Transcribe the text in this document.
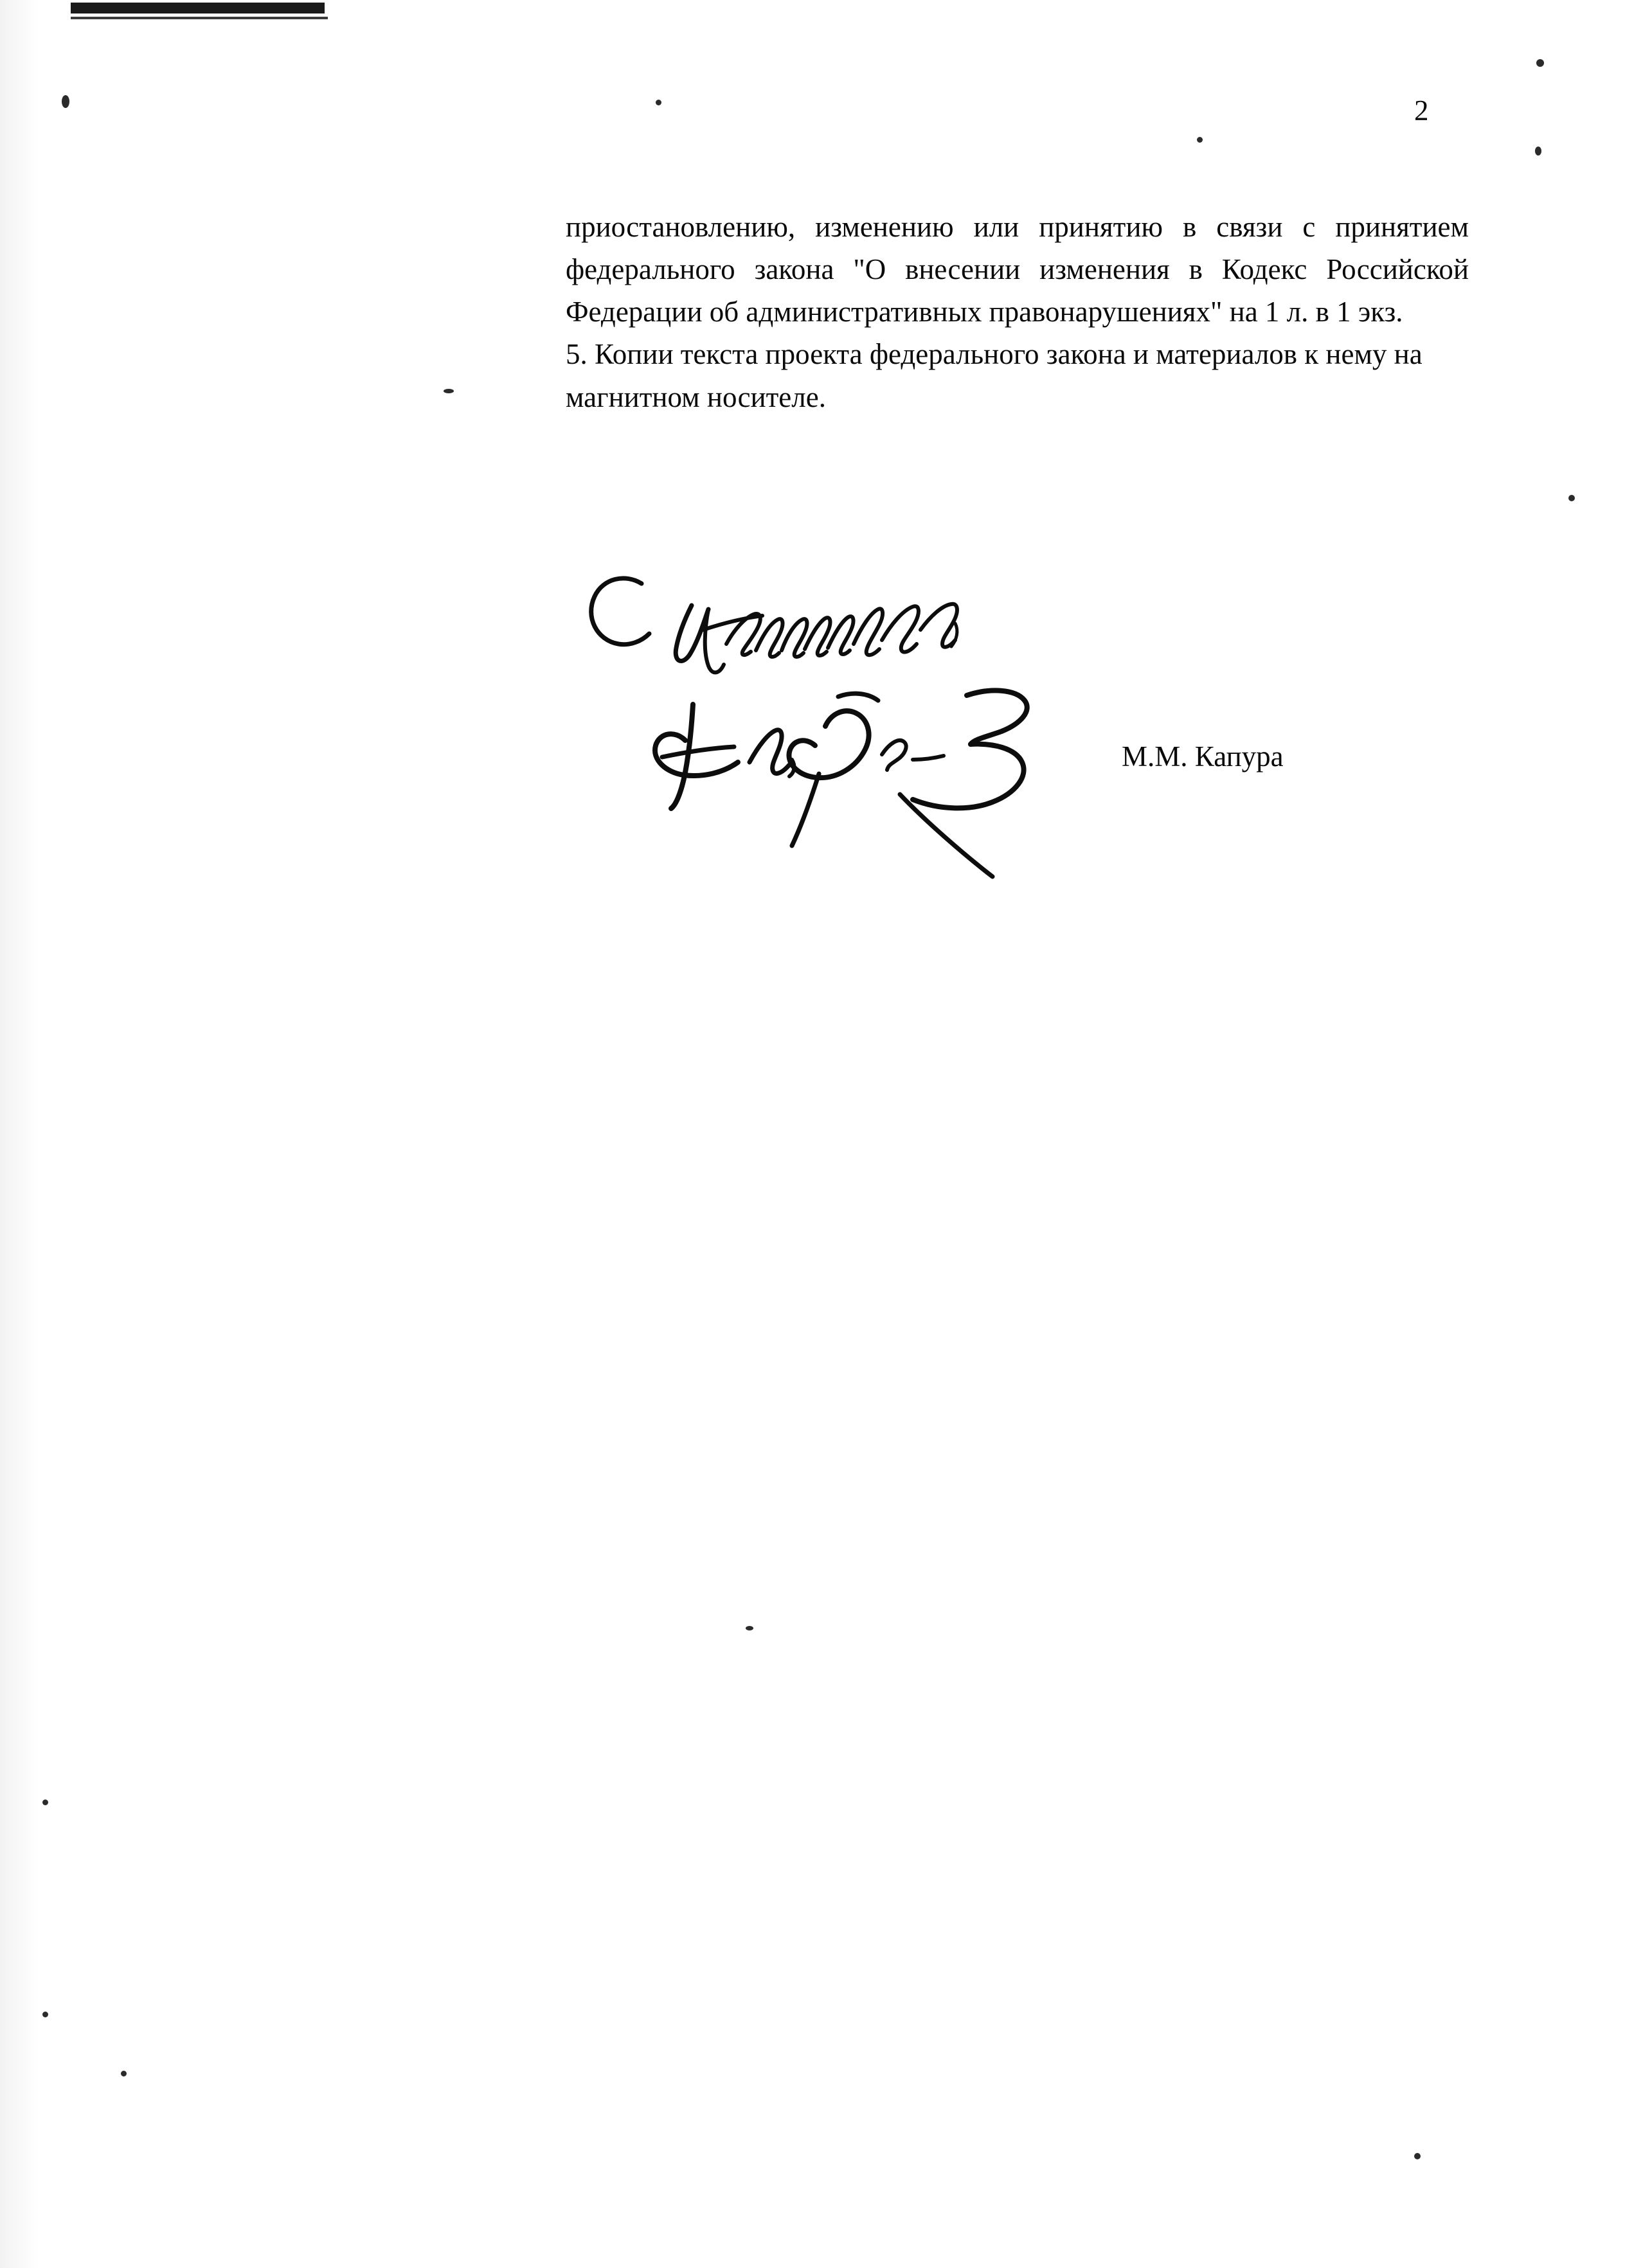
2

приостановлению, изменению или принятию в связи с принятием федерального закона "О внесении изменения в Кодекс Российской Федерации об административных правонарушениях" на 1 л. в 1 экз.

5. Копии текста проекта федерального закона и материалов к нему на магнитном носителе.

М.М. Капура
